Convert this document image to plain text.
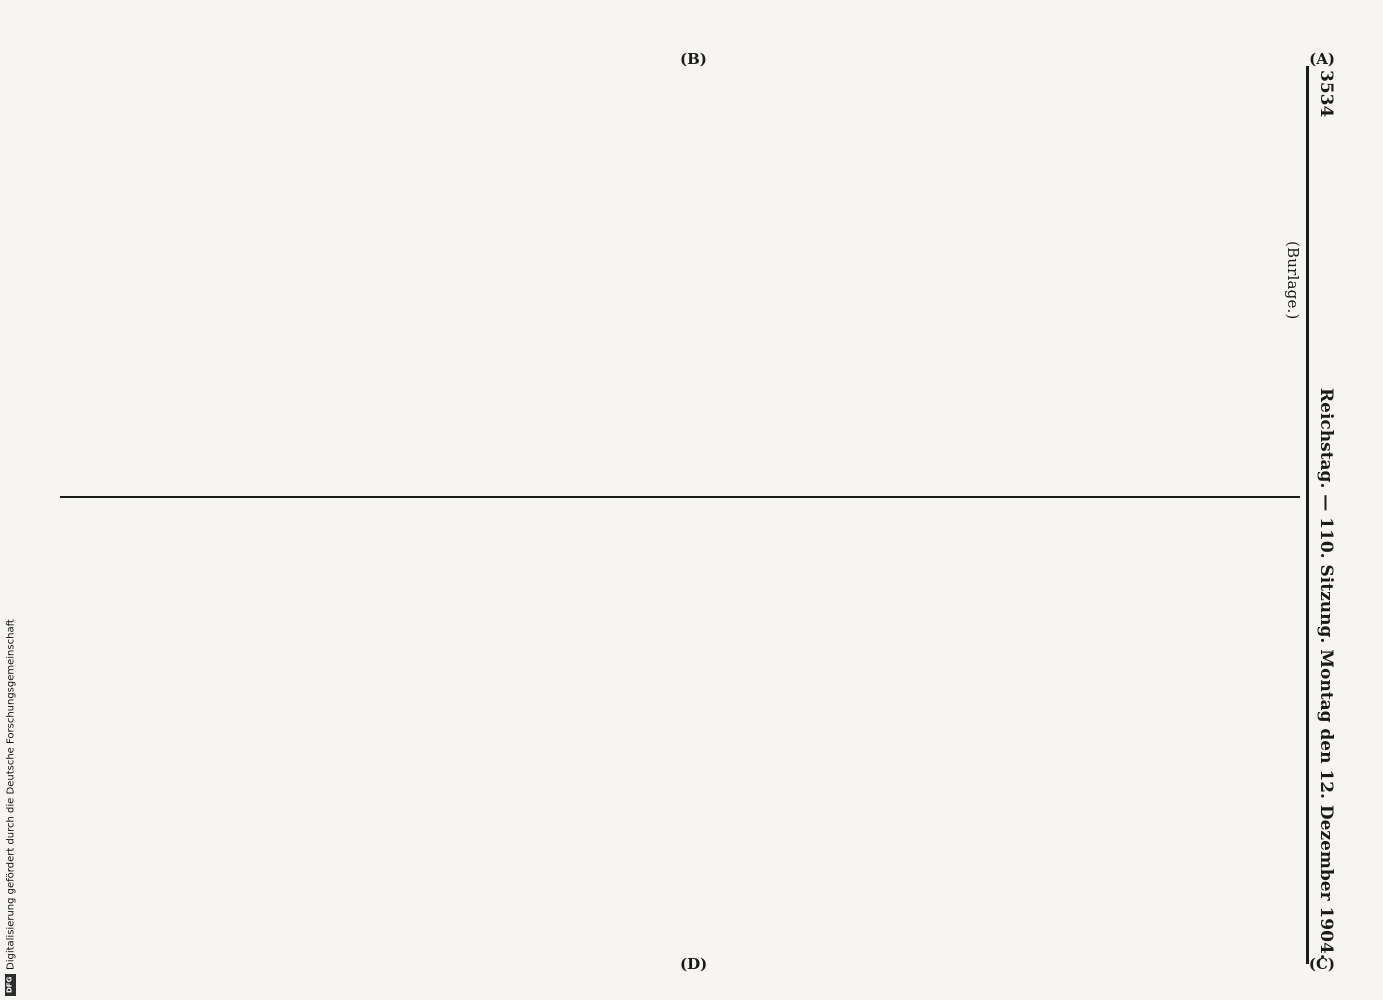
3534
Reichstag. — 110. Sitzung. Montag den 12. Dezember 1904.

(Burlage.)

(A)
(C)
(B)
(D)
DFG
Digitalisierung gefördert durch die Deutsche Forschungsgemeinschaft
